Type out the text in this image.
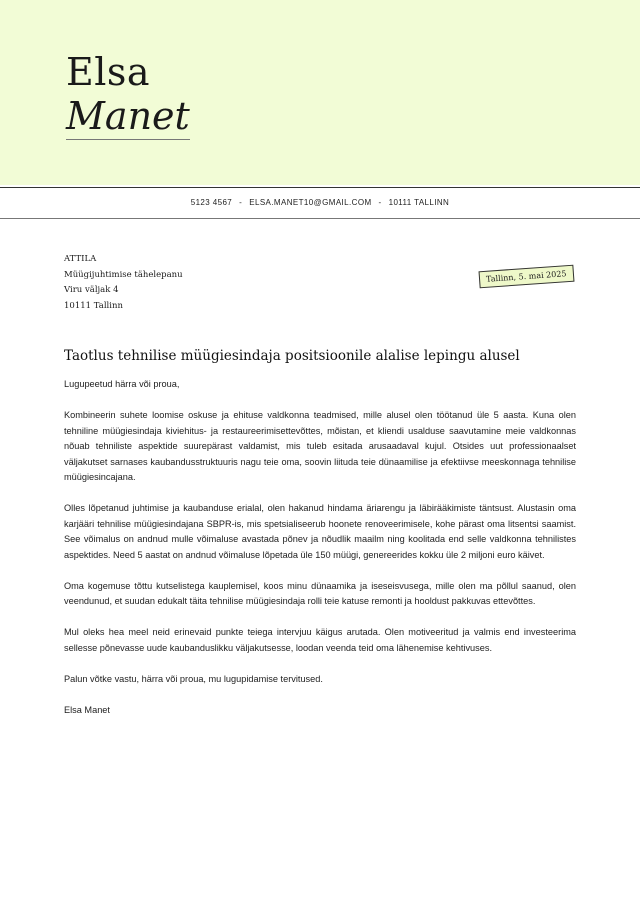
Elsa
Manet
5123 4567 - ELSA.MANET10@GMAIL.COM - 10111 TALLINN
ATTILA
Müügijuhtimise tähelepanu
Viru väljak 4
10111 Tallinn
Tallinn, 5. mai 2025
Taotlus tehnilise müügiesindaja positsioonile alalise lepingu alusel

Lugupeetud härra või proua,

Kombineerin suhete loomise oskuse ja ehituse valdkonna teadmised, mille alusel olen töötanud üle 5 aasta. Kuna olen tehniline müügiesindaja kiviehitus- ja restaureerimisettevõttes, mõistan, et kliendi usalduse saavutamine meie valdkonnas nõuab tehniliste aspektide suurepärast valdamist, mis tuleb esitada arusaadaval kujul. Otsides uut professionaalset väljakutset sarnases kaubandusstruktuuris nagu teie oma, soovin liituda teie dünaamilise ja efektiivse meeskonnaga tehnilise müügiesincajana.

Olles lõpetanud juhtimise ja kaubanduse erialal, olen hakanud hindama äriarengu ja läbirääkimiste täntsust. Alustasin oma karjääri tehnilise müügiesindajana SBPR-is, mis spetsialiseerub hoonete renoveerimisele, kohe pärast oma litsentsi saamist. See võimalus on andnud mulle võimaluse avastada põnev ja nõudlik maailm ning koolitada end selle valdkonna tehnilistes aspektides. Need 5 aastat on andnud võimaluse lõpetada üle 150 müügi, genereerides kokku üle 2 miljoni euro käivet.

Oma kogemuse tõttu kutselistega kauplemisel, koos minu dünaamika ja iseseisvusega, mille olen ma põllul saanud, olen veendunud, et suudan edukalt täita tehnilise müügiesindaja rolli teie katuse remonti ja hooldust pakkuvas ettevõttes.

Mul oleks hea meel neid erinevaid punkte teiega intervjuu käigus arutada. Olen motiveeritud ja valmis end investeerima sellesse põnevasse uude kaubanduslikku väljakutsesse, loodan veenda teid oma lähenemise kehtivuses.

Palun võtke vastu, härra või proua, mu lugupidamise tervitused.

Elsa Manet
